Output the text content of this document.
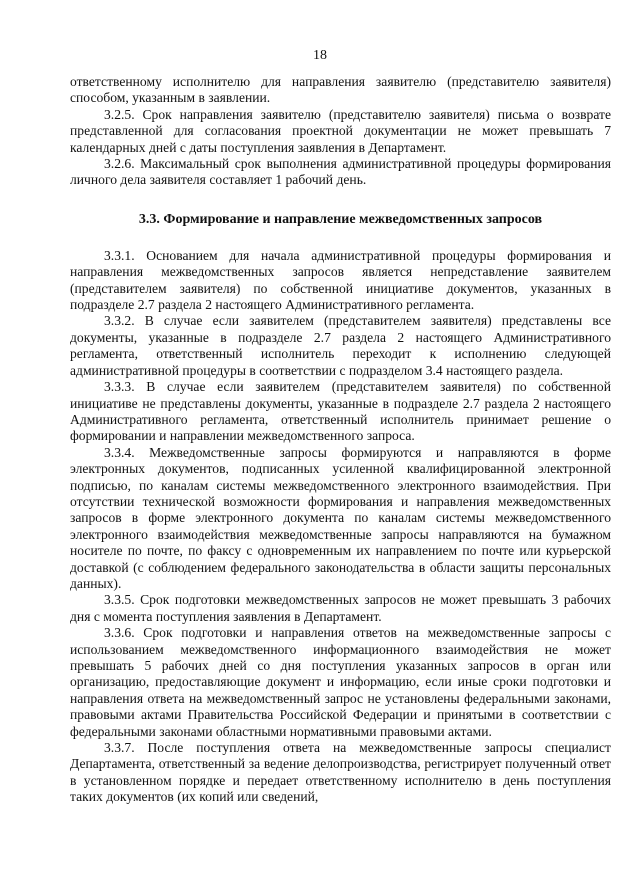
18

ответственному исполнителю для направления заявителю (представителю заявителя) способом, указанным в заявлении.

3.2.5. Срок направления заявителю (представителю заявителя) письма о возврате представленной для согласования проектной документации не может превышать 7 календарных дней с даты поступления заявления в Департамент.

3.2.6. Максимальный срок выполнения административной процедуры формирования личного дела заявителя составляет 1 рабочий день.

3.3. Формирование и направление межведомственных запросов

3.3.1. Основанием для начала административной процедуры формирования и направления межведомственных запросов является непредставление заявителем (представителем заявителя) по собственной инициативе документов, указанных в подразделе 2.7 раздела 2 настоящего Административного регламента.

3.3.2. В случае если заявителем (представителем заявителя) представлены все документы, указанные в подразделе 2.7 раздела 2 настоящего Административного регламента, ответственный исполнитель переходит к исполнению следующей административной процедуры в соответствии с подразделом 3.4 настоящего раздела.

3.3.3. В случае если заявителем (представителем заявителя) по собственной инициативе не представлены документы, указанные в подразделе 2.7 раздела 2 настоящего Административного регламента, ответственный исполнитель принимает решение о формировании и направлении межведомственного запроса.

3.3.4. Межведомственные запросы формируются и направляются в форме электронных документов, подписанных усиленной квалифицированной электронной подписью, по каналам системы межведомственного электронного взаимодействия. При отсутствии технической возможности формирования и направления межведомственных запросов в форме электронного документа по каналам системы межведомственного электронного взаимодействия межведомственные запросы направляются на бумажном носителе по почте, по факсу с одновременным их направлением по почте или курьерской доставкой (с соблюдением федерального законодательства в области защиты персональных данных).

3.3.5. Срок подготовки межведомственных запросов не может превышать 3 рабочих дня с момента поступления заявления в Департамент.

3.3.6. Срок подготовки и направления ответов на межведомственные запросы с использованием межведомственного информационного взаимодействия не может превышать 5 рабочих дней со дня поступления указанных запросов в орган или организацию, предоставляющие документ и информацию, если иные сроки подготовки и направления ответа на межведомственный запрос не установлены федеральными законами, правовыми актами Правительства Российской Федерации и принятыми в соответствии с федеральными законами областными нормативными правовыми актами.

3.3.7. После поступления ответа на межведомственные запросы специалист Департамента, ответственный за ведение делопроизводства, регистрирует полученный ответ в установленном порядке и передает ответственному исполнителю в день поступления таких документов (их копий или сведений,
